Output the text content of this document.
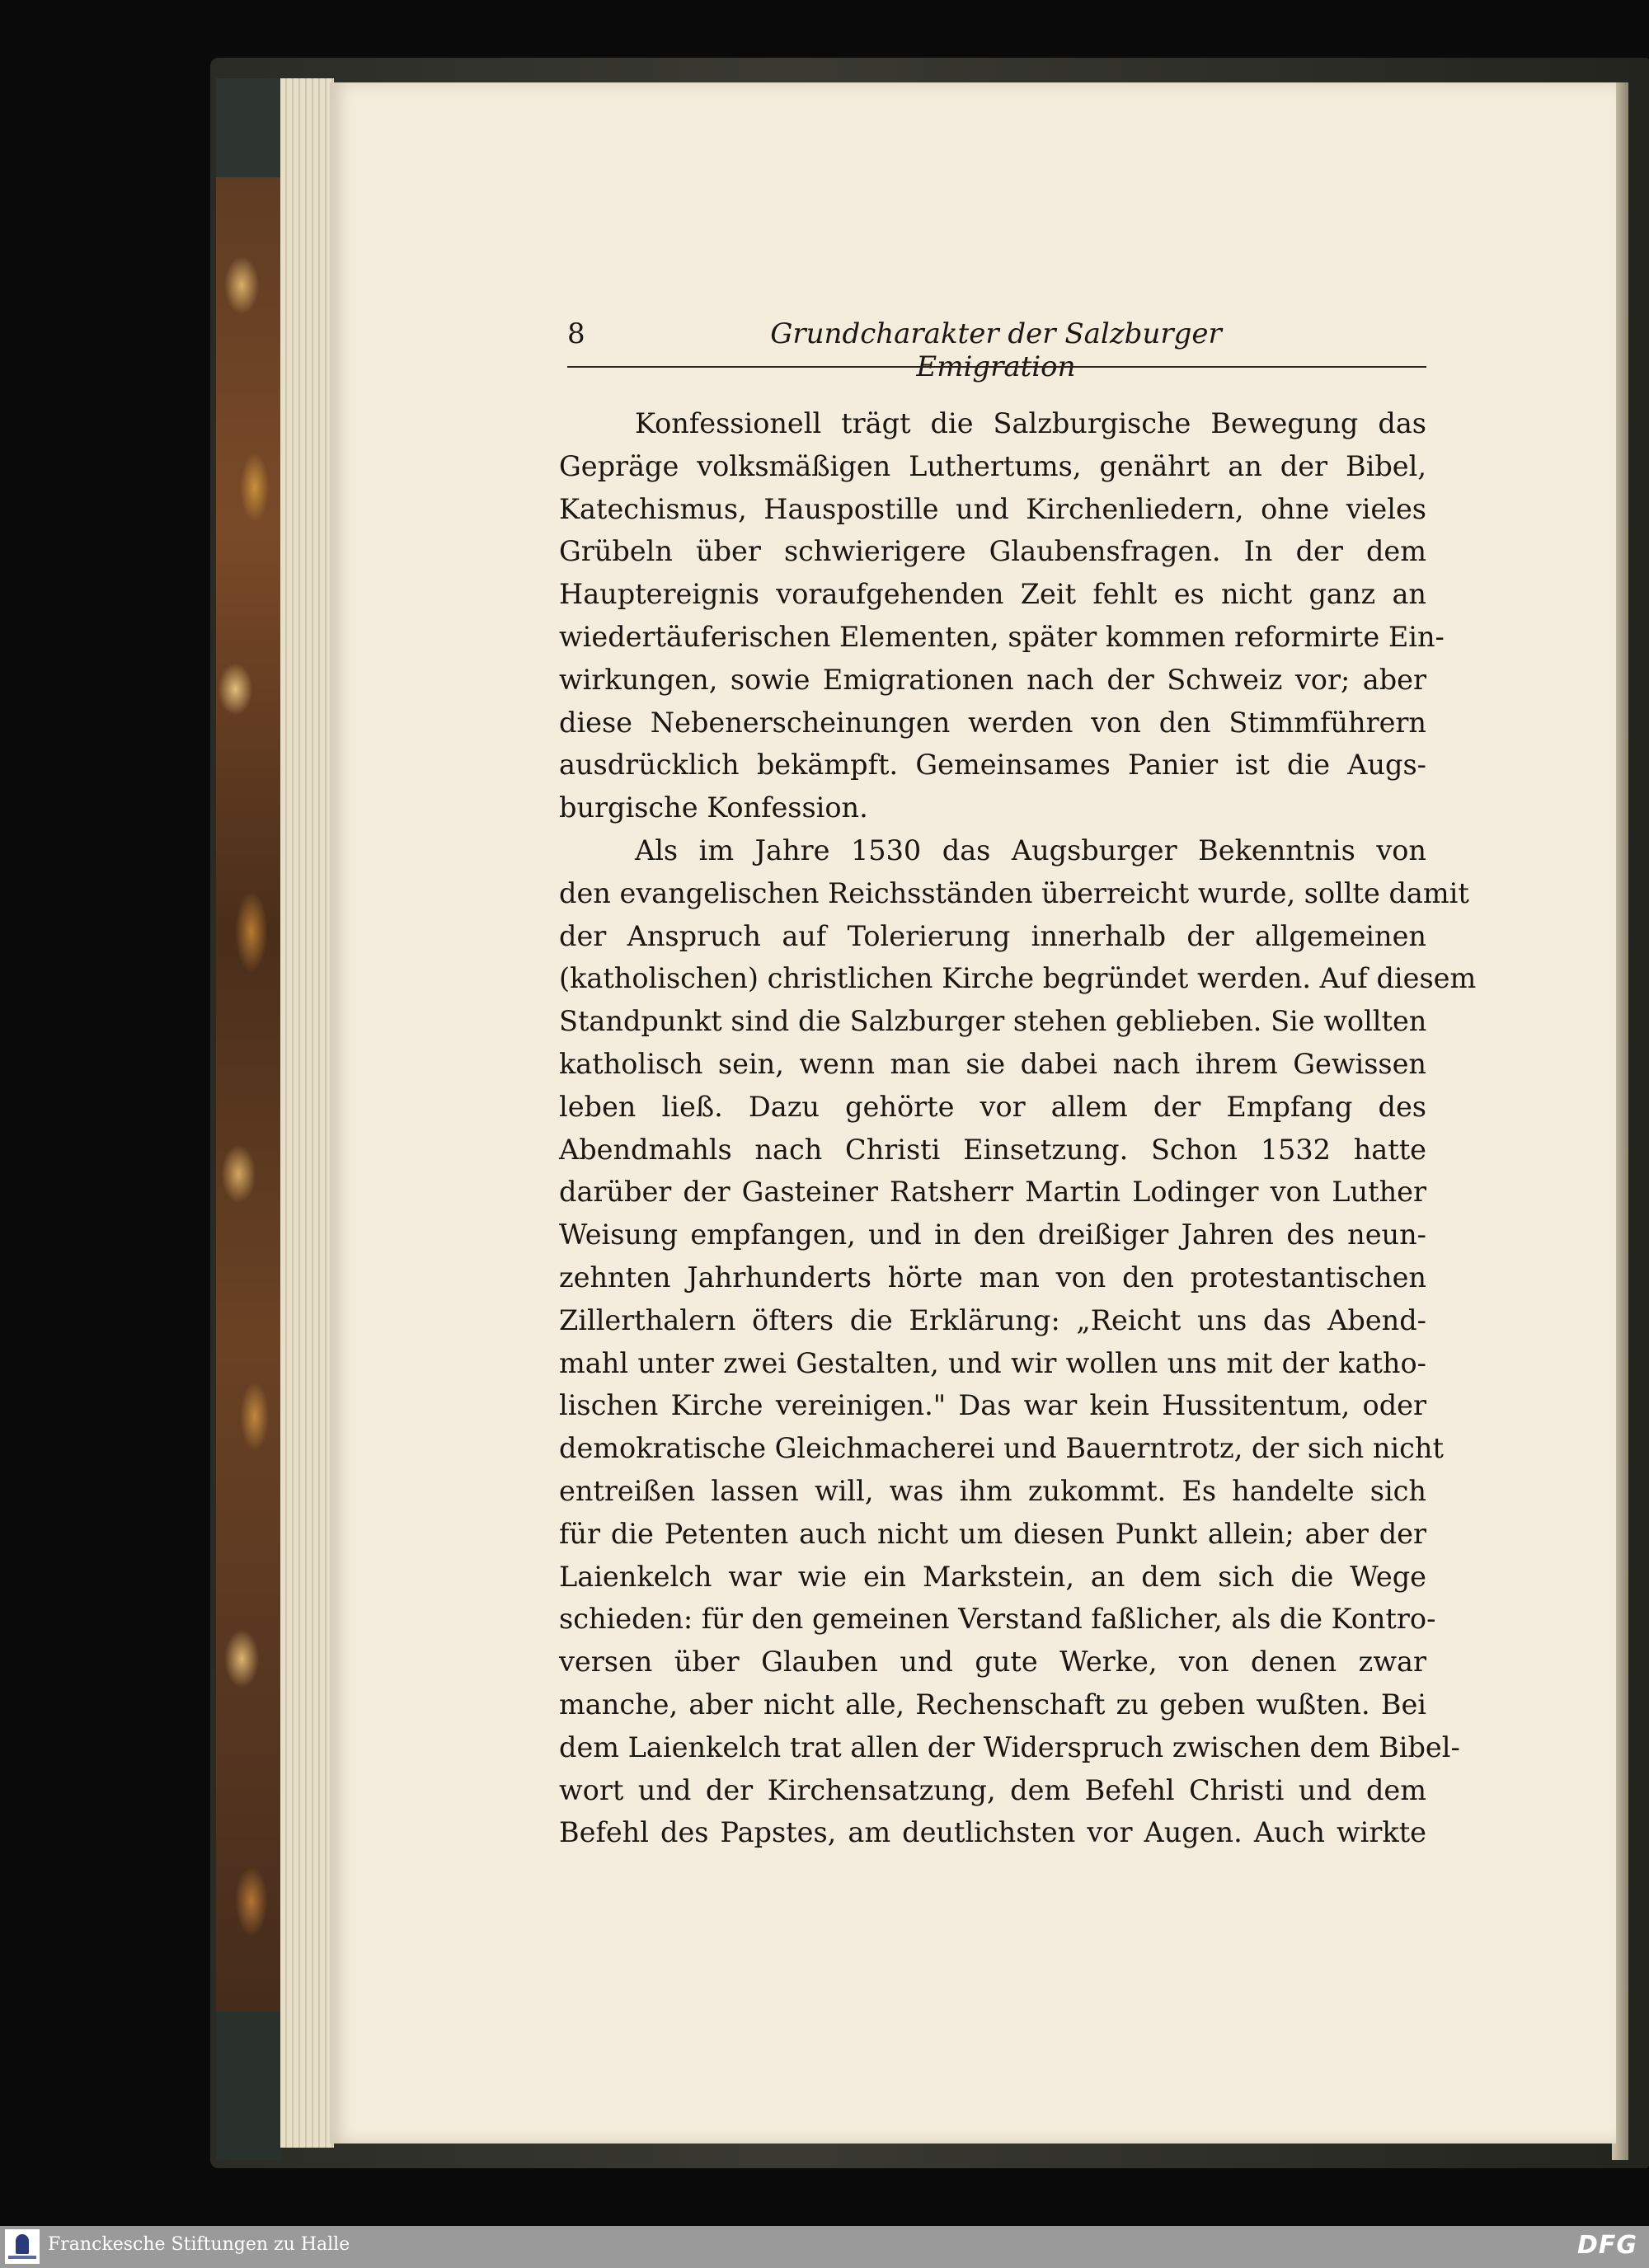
8	Grundcharakter der Salzburger Emigration
Konfessionell trägt die Salzburgische Bewegung das
Gepräge volksmäßigen Luthertums, genährt an der Bibel,
Katechismus, Hauspostille und Kirchenliedern, ohne vieles
Grübeln über schwierigere Glaubensfragen. In der dem
Hauptereignis voraufgehenden Zeit fehlt es nicht ganz an
wiedertäuferischen Elementen, später kommen reformirte Ein-
wirkungen, sowie Emigrationen nach der Schweiz vor; aber
diese Nebenerscheinungen werden von den Stimmführern
ausdrücklich bekämpft. Gemeinsames Panier ist die Augs-
burgische Konfession.
Als im Jahre 1530 das Augsburger Bekenntnis von
den evangelischen Reichsständen überreicht wurde, sollte damit
der Anspruch auf Tolerierung innerhalb der allgemeinen
(katholischen) christlichen Kirche begründet werden. Auf diesem
Standpunkt sind die Salzburger stehen geblieben. Sie wollten
katholisch sein, wenn man sie dabei nach ihrem Gewissen
leben ließ. Dazu gehörte vor allem der Empfang des
Abendmahls nach Christi Einsetzung. Schon 1532 hatte
darüber der Gasteiner Ratsherr Martin Lodinger von Luther
Weisung empfangen, und in den dreißiger Jahren des neun-
zehnten Jahrhunderts hörte man von den protestantischen
Zillerthalern öfters die Erklärung: „Reicht uns das Abend-
mahl unter zwei Gestalten, und wir wollen uns mit der katho-
lischen Kirche vereinigen." Das war kein Hussitentum, oder
demokratische Gleichmacherei und Bauerntrotz, der sich nicht
entreißen lassen will, was ihm zukommt. Es handelte sich
für die Petenten auch nicht um diesen Punkt allein; aber der
Laienkelch war wie ein Markstein, an dem sich die Wege
schieden: für den gemeinen Verstand faßlicher, als die Kontro-
versen über Glauben und gute Werke, von denen zwar
manche, aber nicht alle, Rechenschaft zu geben wußten. Bei
dem Laienkelch trat allen der Widerspruch zwischen dem Bibel-
wort und der Kirchensatzung, dem Befehl Christi und dem
Befehl des Papstes, am deutlichsten vor Augen. Auch wirkte
Franckesche Stiftungen zu Halle	DFG
